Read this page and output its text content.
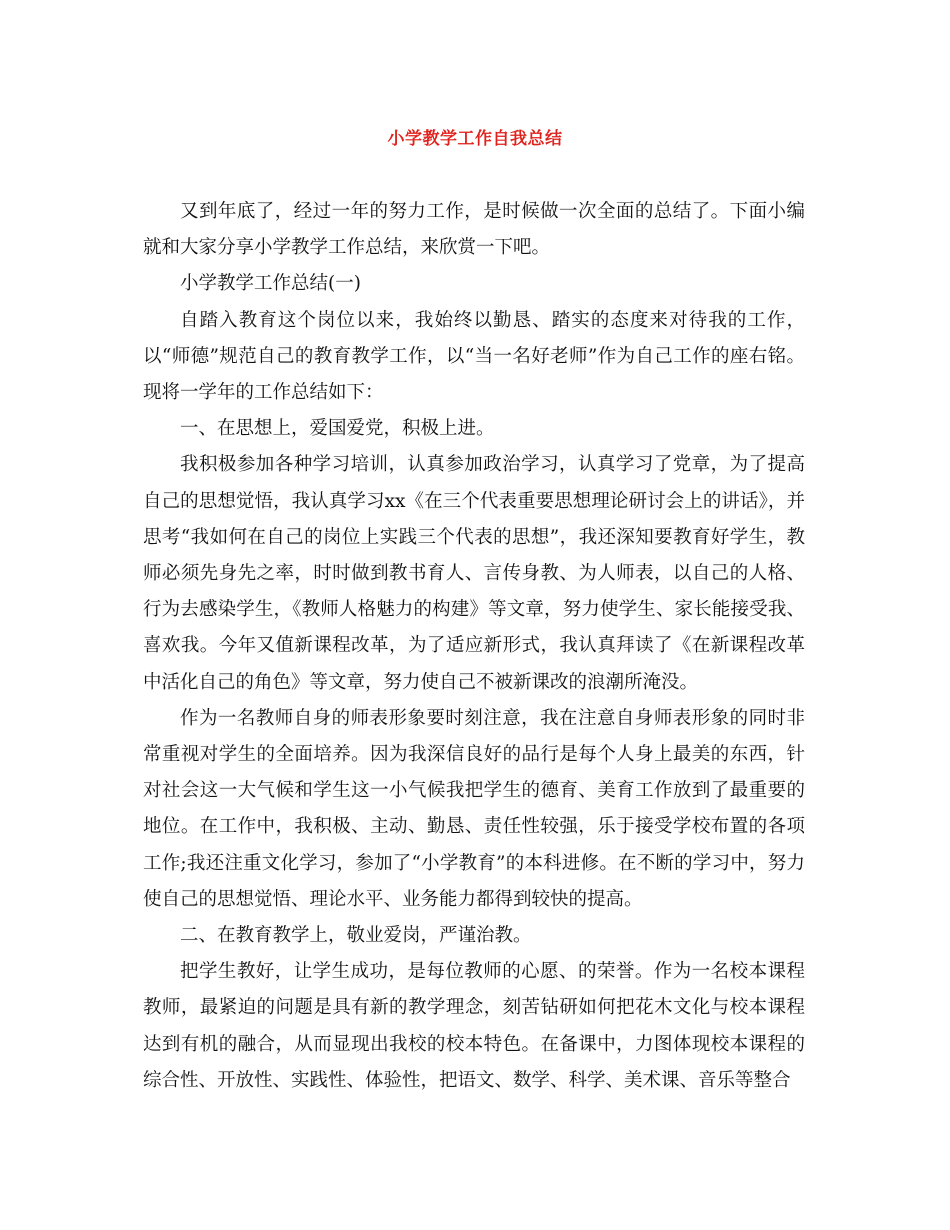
小学教学工作自我总结

又到年底了，经过一年的努力工作，是时候做一次全面的总结了。下面小编就和大家分享小学教学工作总结，来欣赏一下吧。

小学教学工作总结(一)

自踏入教育这个岗位以来，我始终以勤恳、踏实的态度来对待我的工作，以“师德”规范自己的教育教学工作，以“当一名好老师”作为自己工作的座右铭。现将一学年的工作总结如下：

一、在思想上，爱国爱党，积极上进。

我积极参加各种学习培训，认真参加政治学习，认真学习了党章，为了提高自己的思想觉悟，我认真学习xx《在三个代表重要思想理论研讨会上的讲话》，并思考“我如何在自己的岗位上实践三个代表的思想”，我还深知要教育好学生，教师必须先身先之率，时时做到教书育人、言传身教、为人师表，以自己的人格、行为去感染学生，《教师人格魅力的构建》等文章，努力使学生、家长能接受我、喜欢我。今年又值新课程改革，为了适应新形式，我认真拜读了《在新课程改革中活化自己的角色》等文章，努力使自己不被新课改的浪潮所淹没。

作为一名教师自身的师表形象要时刻注意，我在注意自身师表形象的同时非常重视对学生的全面培养。因为我深信良好的品行是每个人身上最美的东西，针对社会这一大气候和学生这一小气候我把学生的德育、美育工作放到了最重要的地位。在工作中，我积极、主动、勤恳、责任性较强，乐于接受学校布置的各项工作;我还注重文化学习，参加了“小学教育”的本科进修。在不断的学习中，努力使自己的思想觉悟、理论水平、业务能力都得到较快的提高。

二、在教育教学上，敬业爱岗，严谨治教。

把学生教好，让学生成功，是每位教师的心愿、的荣誉。作为一名校本课程教师，最紧迫的问题是具有新的教学理念，刻苦钻研如何把花木文化与校本课程达到有机的融合，从而显现出我校的校本特色。在备课中，力图体现校本课程的综合性、开放性、实践性、体验性，把语文、数学、科学、美术课、音乐等整合
